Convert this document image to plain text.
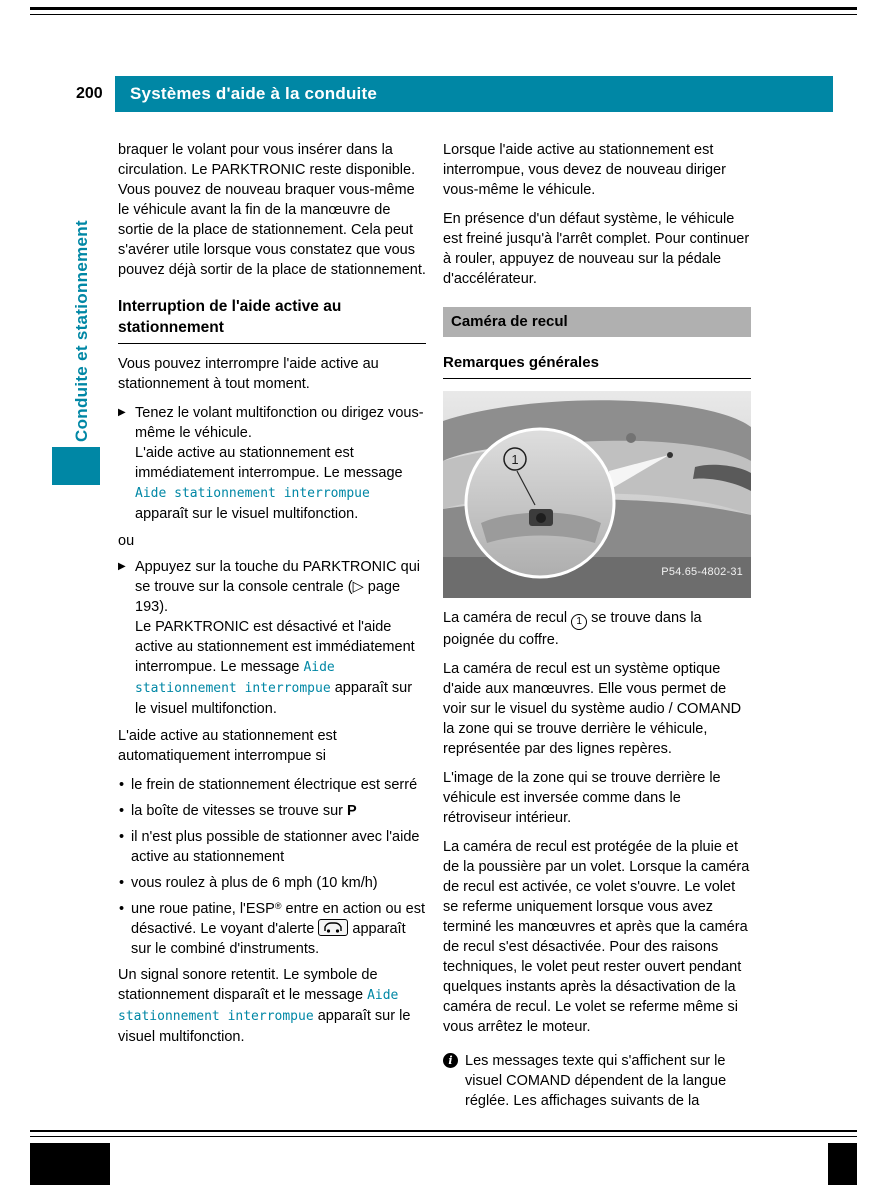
200	Systèmes d'aide à la conduite
Conduite et stationnement

braquer le volant pour vous insérer dans la circulation. Le PARKTRONIC reste disponible. Vous pouvez de nouveau braquer vous-même le véhicule avant la fin de la manœuvre de sortie de la place de stationnement. Cela peut s'avérer utile lorsque vous constatez que vous pouvez déjà sortir de la place de stationnement.

Interruption de l'aide active au stationnement

Vous pouvez interrompre l'aide active au stationnement à tout moment.

▶ Tenez le volant multifonction ou dirigez vous-même le véhicule.
L'aide active au stationnement est immédiatement interrompue. Le message Aide stationnement interrompue apparaît sur le visuel multifonction.
ou
▶ Appuyez sur la touche du PARKTRONIC qui se trouve sur la console centrale (▷ page 193).
Le PARKTRONIC est désactivé et l'aide active au stationnement est immédiatement interrompue. Le message Aide stationnement interrompue apparaît sur le visuel multifonction.

L'aide active au stationnement est automatiquement interrompue si

• le frein de stationnement électrique est serré
• la boîte de vitesses se trouve sur P
• il n'est plus possible de stationner avec l'aide active au stationnement
• vous roulez à plus de 6 mph (10 km/h)
• une roue patine, l'ESP® entre en action ou est désactivé. Le voyant d'alerte
apparaît sur le combiné d'instruments.

Un signal sonore retentit. Le symbole de stationnement disparaît et le message Aide stationnement interrompue apparaît sur le visuel multifonction.

Lorsque l'aide active au stationnement est interrompue, vous devez de nouveau diriger vous-même le véhicule.

En présence d'un défaut système, le véhicule est freiné jusqu'à l'arrêt complet. Pour continuer à rouler, appuyez de nouveau sur la pédale d'accélérateur.

Caméra de recul
Remarques générales
1
P54.65-4802-31

La caméra de recul 1 se trouve dans la poignée du coffre.

La caméra de recul est un système optique d'aide aux manœuvres. Elle vous permet de voir sur le visuel du système audio / COMAND la zone qui se trouve derrière le véhicule, représentée par des lignes repères.

L'image de la zone qui se trouve derrière le véhicule est inversée comme dans le rétroviseur intérieur.

La caméra de recul est protégée de la pluie et de la poussière par un volet. Lorsque la caméra de recul est activée, ce volet s'ouvre. Le volet se referme uniquement lorsque vous avez terminé les manœuvres et après que la caméra de recul s'est désactivée. Pour des raisons techniques, le volet peut rester ouvert pendant quelques instants après la désactivation de la caméra de recul. Le volet se referme même si vous arrêtez le moteur.

i Les messages texte qui s'affichent sur le visuel COMAND dépendent de la langue réglée. Les affichages suivants de la
